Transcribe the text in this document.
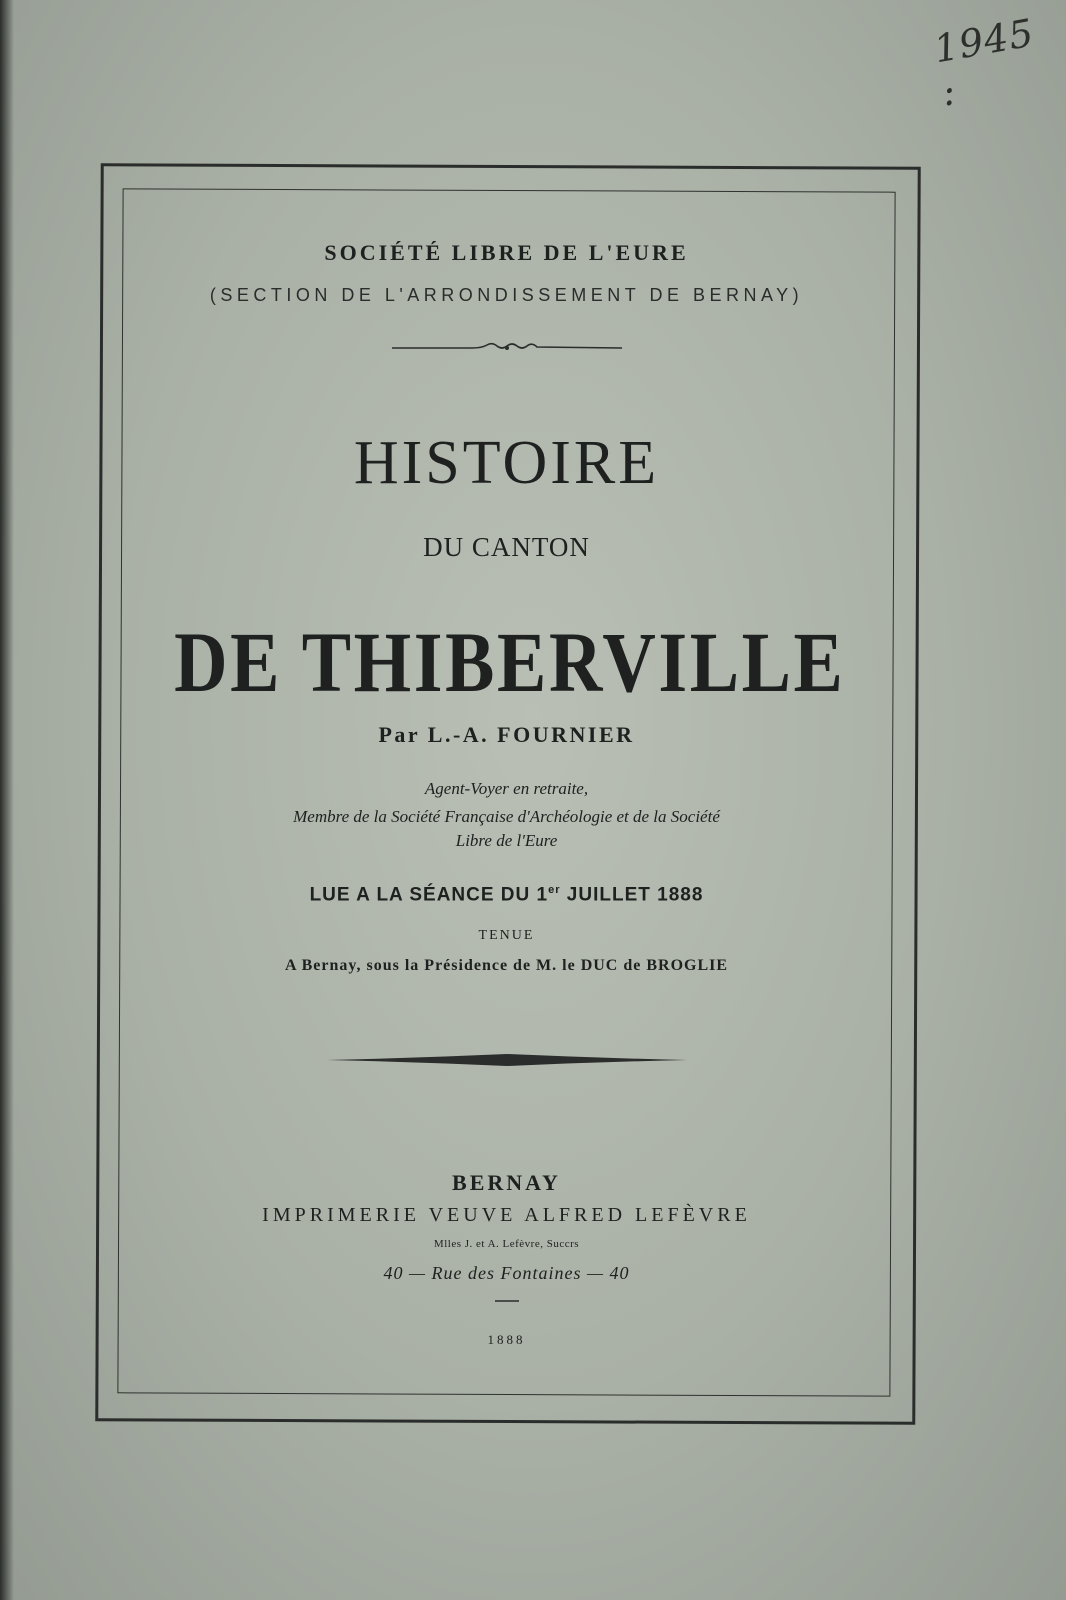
1945 :
SOCIÉTÉ LIBRE DE L'EURE
(SECTION DE L'ARRONDISSEMENT DE BERNAY)
HISTOIRE
DU CANTON
DE THIBERVILLE
Par L.-A. FOURNIER
Agent-Voyer en retraite,
Membre de la Société Française d'Archéologie et de la Société
Libre de l'Eure
LUE A LA SÉANCE DU 1er JUILLET 1888
TENUE
A Bernay, sous la Présidence de M. le DUC de BROGLIE
BERNAY
IMPRIMERIE VEUVE ALFRED LEFÈVRE
Mlles J. et A. Lefèvre, Succrs
40 — Rue des Fontaines — 40
1888
